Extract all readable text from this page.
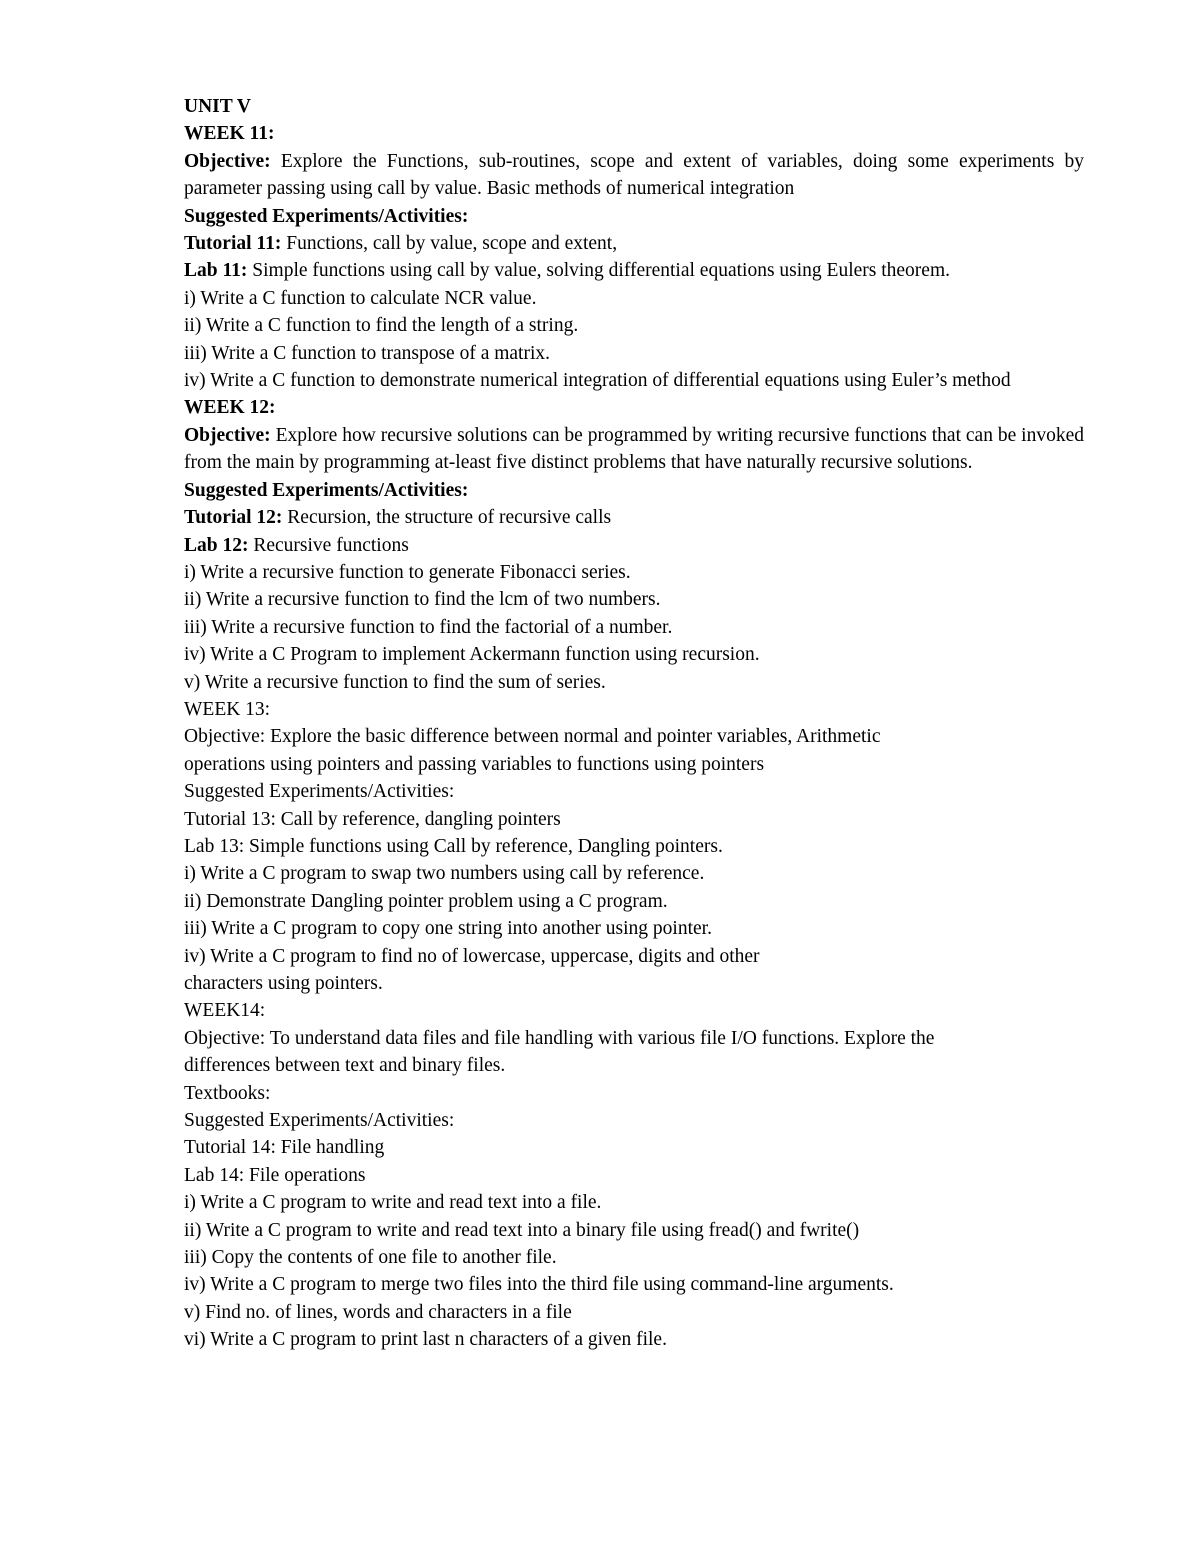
UNIT V
WEEK 11:
Objective: Explore the Functions, sub-routines, scope and extent of variables, doing some experiments by parameter passing using call by value. Basic methods of numerical integration
Suggested Experiments/Activities:
Tutorial 11: Functions, call by value, scope and extent,
Lab 11: Simple functions using call by value, solving differential equations using Eulers theorem.
i) Write a C function to calculate NCR value.
ii) Write a C function to find the length of a string.
iii) Write a C function to transpose of a matrix.
iv) Write a C function to demonstrate numerical integration of differential equations using Euler’s method
WEEK 12:
Objective: Explore how recursive solutions can be programmed by writing recursive functions that can be invoked from the main by programming at-least five distinct problems that have naturally recursive solutions.
Suggested Experiments/Activities:
Tutorial 12: Recursion, the structure of recursive calls
Lab 12: Recursive functions
i) Write a recursive function to generate Fibonacci series.
ii) Write a recursive function to find the lcm of two numbers.
iii) Write a recursive function to find the factorial of a number.
iv) Write a C Program to implement Ackermann function using recursion.
v) Write a recursive function to find the sum of series.
WEEK 13:
Objective: Explore the basic difference between normal and pointer variables, Arithmetic
operations using pointers and passing variables to functions using pointers
Suggested Experiments/Activities:
Tutorial 13: Call by reference, dangling pointers
Lab 13: Simple functions using Call by reference, Dangling pointers.
i) Write a C program to swap two numbers using call by reference.
ii) Demonstrate Dangling pointer problem using a C program.
iii) Write a C program to copy one string into another using pointer.
iv) Write a C program to find no of lowercase, uppercase, digits and other
characters using pointers.
WEEK14:
Objective: To understand data files and file handling with various file I/O functions. Explore the
differences between text and binary files.
Textbooks:
Suggested Experiments/Activities:
Tutorial 14: File handling
Lab 14: File operations
i) Write a C program to write and read text into a file.
ii) Write a C program to write and read text into a binary file using fread() and fwrite()
iii) Copy the contents of one file to another file.
iv) Write a C program to merge two files into the third file using command-line arguments.
v) Find no. of lines, words and characters in a file
vi) Write a C program to print last n characters of a given file.
